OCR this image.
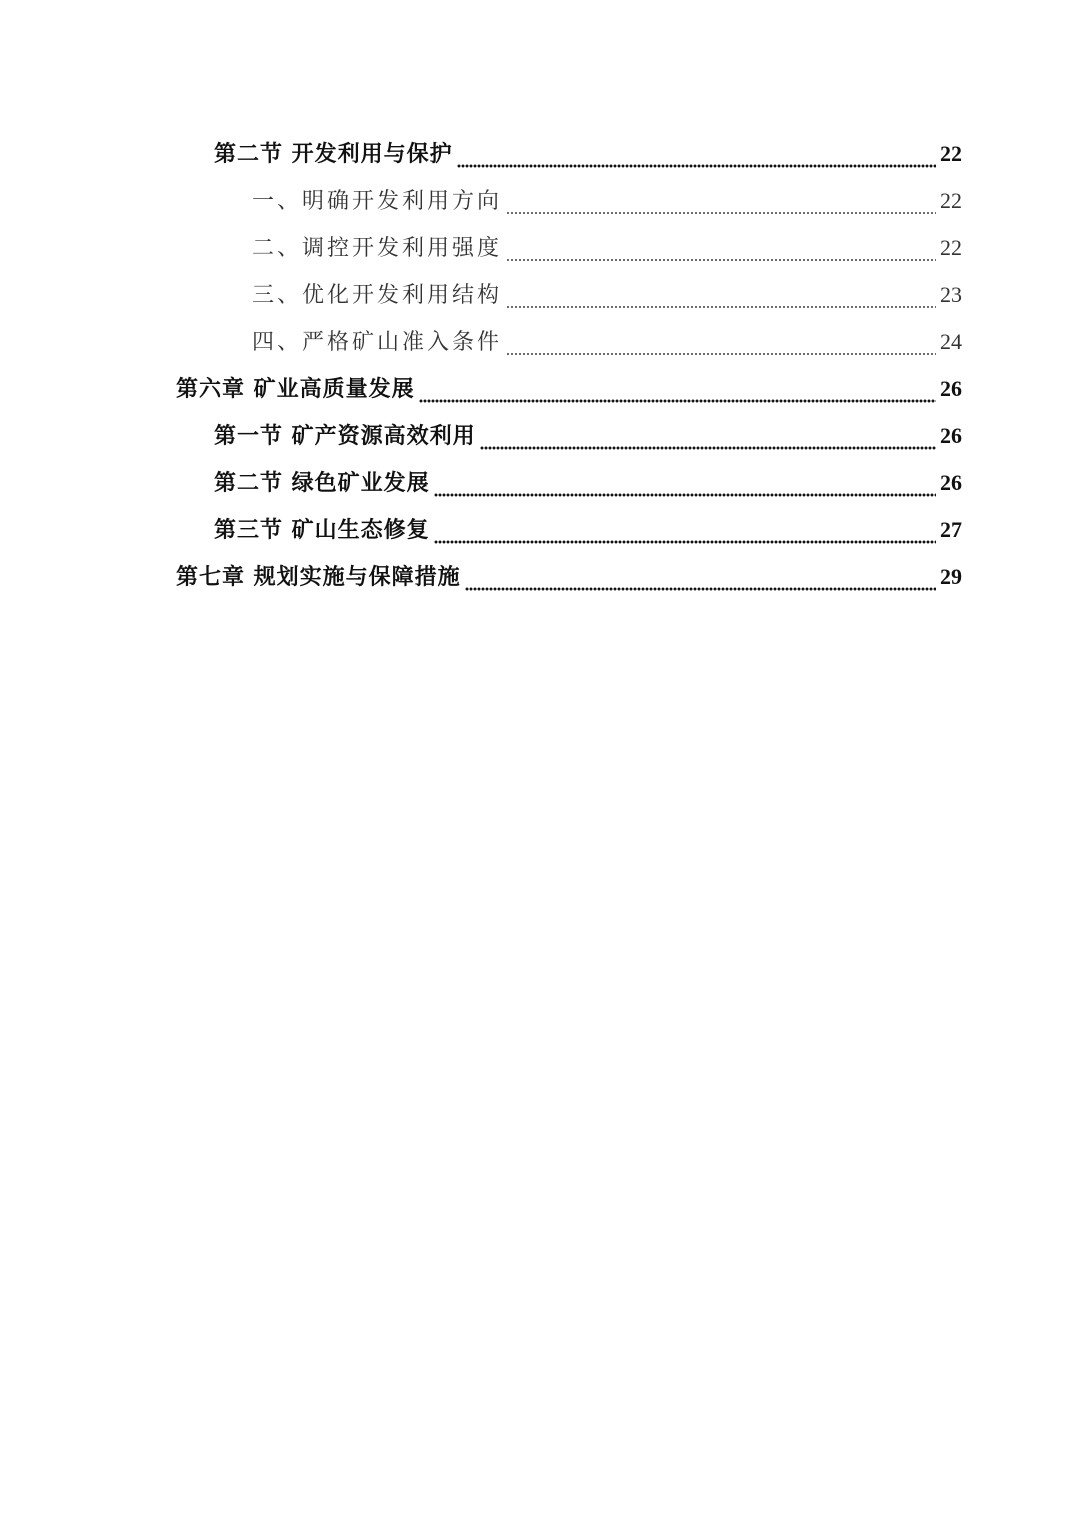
第二节 开发利用与保护	22
一、明确开发利用方向	22
二、调控开发利用强度	22
三、优化开发利用结构	23
四、严格矿山准入条件	24
第六章 矿业高质量发展	26
第一节 矿产资源高效利用	26
第二节 绿色矿业发展	26
第三节 矿山生态修复	27
第七章 规划实施与保障措施	29
